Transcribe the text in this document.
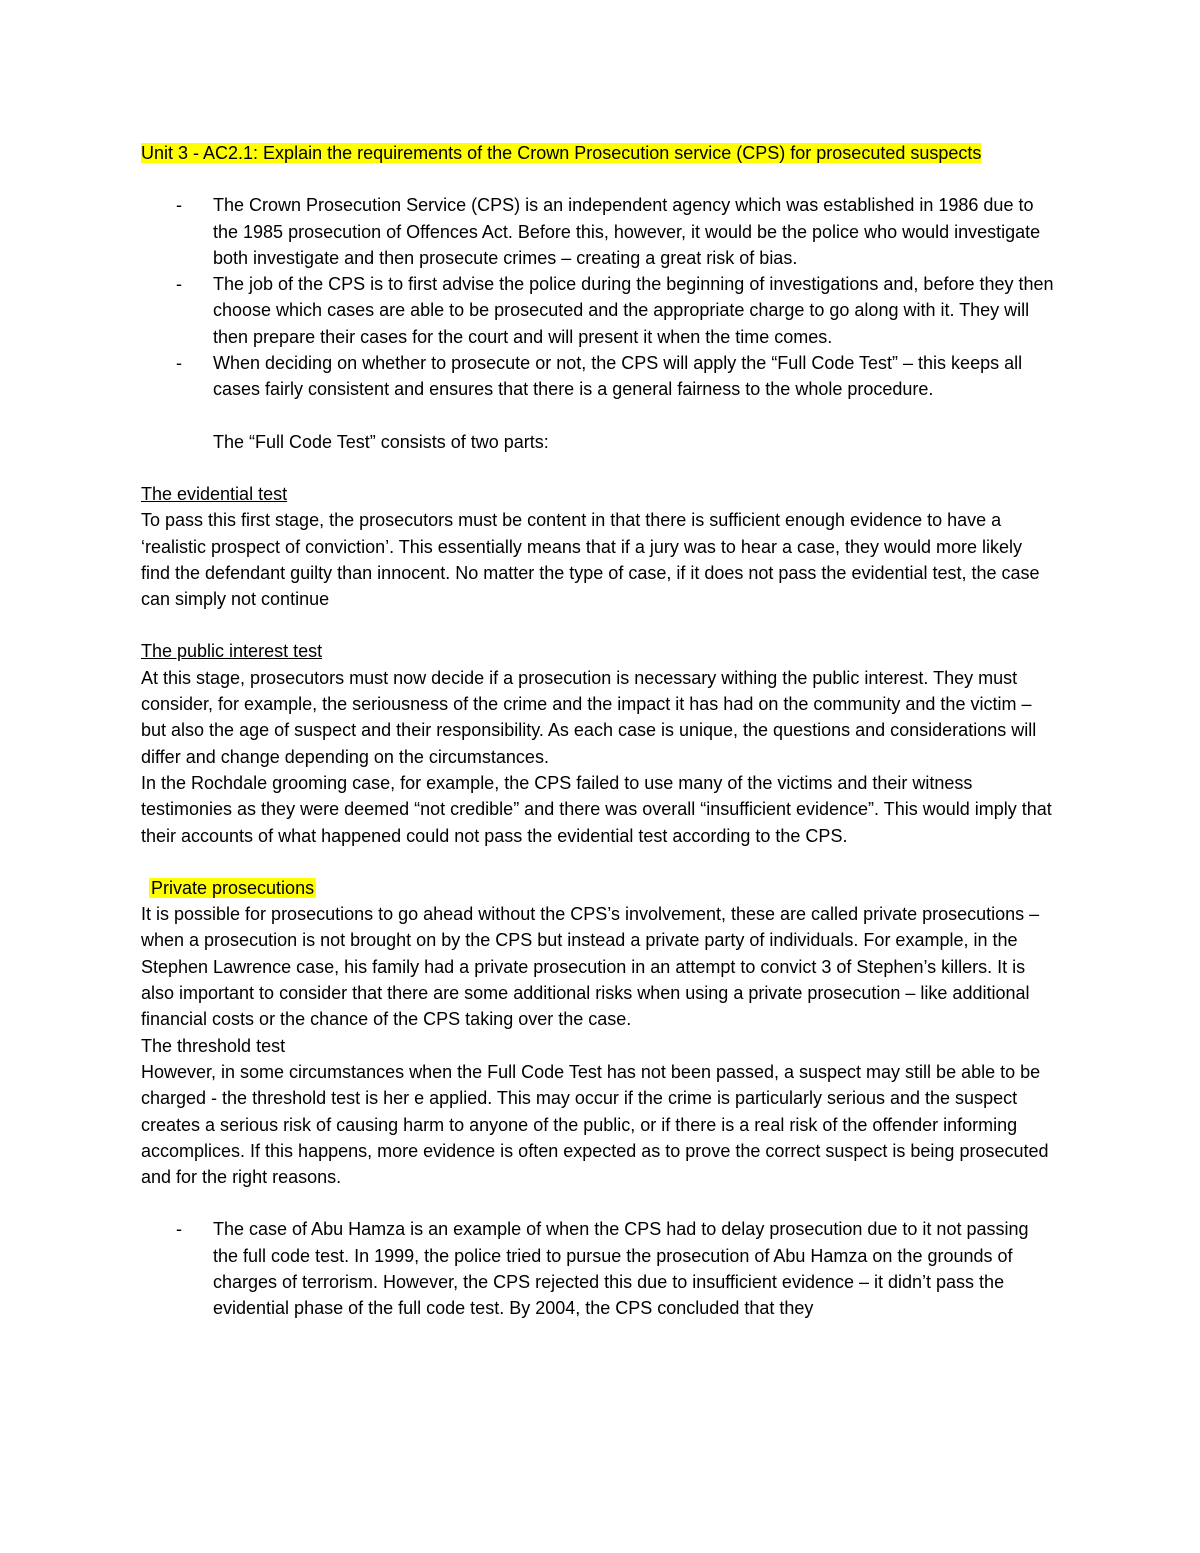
Unit 3 - AC2.1: Explain the requirements of the Crown Prosecution service (CPS) for prosecuted suspects

- The Crown Prosecution Service (CPS) is an independent agency which was established in 1986 due to the 1985 prosecution of Offences Act. Before this, however, it would be the police who would investigate both investigate and then prosecute crimes – creating a great risk of bias.
- The job of the CPS is to first advise the police during the beginning of investigations and, before they then choose which cases are able to be prosecuted and the appropriate charge to go along with it. They will then prepare their cases for the court and will present it when the time comes.
- When deciding on whether to prosecute or not, the CPS will apply the “Full Code Test” – this keeps all cases fairly consistent and ensures that there is a general fairness to the whole procedure.

The “Full Code Test” consists of two parts:

The evidential test

To pass this first stage, the prosecutors must be content in that there is sufficient enough evidence to have a ‘realistic prospect of conviction’. This essentially means that if a jury was to hear a case, they would more likely find the defendant guilty than innocent. No matter the type of case, if it does not pass the evidential test, the case can simply not continue

The public interest test

At this stage, prosecutors must now decide if a prosecution is necessary withing the public interest. They must consider, for example, the seriousness of the crime and the impact it has had on the community and the victim – but also the age of suspect and their responsibility. As each case is unique, the questions and considerations will differ and change depending on the circumstances.

In the Rochdale grooming case, for example, the CPS failed to use many of the victims and their witness testimonies as they were deemed “not credible” and there was overall “insufficient evidence”. This would imply that their accounts of what happened could not pass the evidential test according to the CPS.

Private prosecutions

It is possible for prosecutions to go ahead without the CPS’s involvement, these are called private prosecutions – when a prosecution is not brought on by the CPS but instead a private party of individuals. For example, in the Stephen Lawrence case, his family had a private prosecution in an attempt to convict 3 of Stephen’s killers. It is also important to consider that there are some additional risks when using a private prosecution – like additional financial costs or the chance of the CPS taking over the case.

The threshold test

However, in some circumstances when the Full Code Test has not been passed, a suspect may still be able to be charged - the threshold test is her e applied. This may occur if the crime is particularly serious and the suspect creates a serious risk of causing harm to anyone of the public, or if there is a real risk of the offender informing accomplices. If this happens, more evidence is often expected as to prove the correct suspect is being prosecuted and for the right reasons.

- The case of Abu Hamza is an example of when the CPS had to delay prosecution due to it not passing the full code test. In 1999, the police tried to pursue the prosecution of Abu Hamza on the grounds of charges of terrorism. However, the CPS rejected this due to insufficient evidence – it didn’t pass the evidential phase of the full code test. By 2004, the CPS concluded that they
